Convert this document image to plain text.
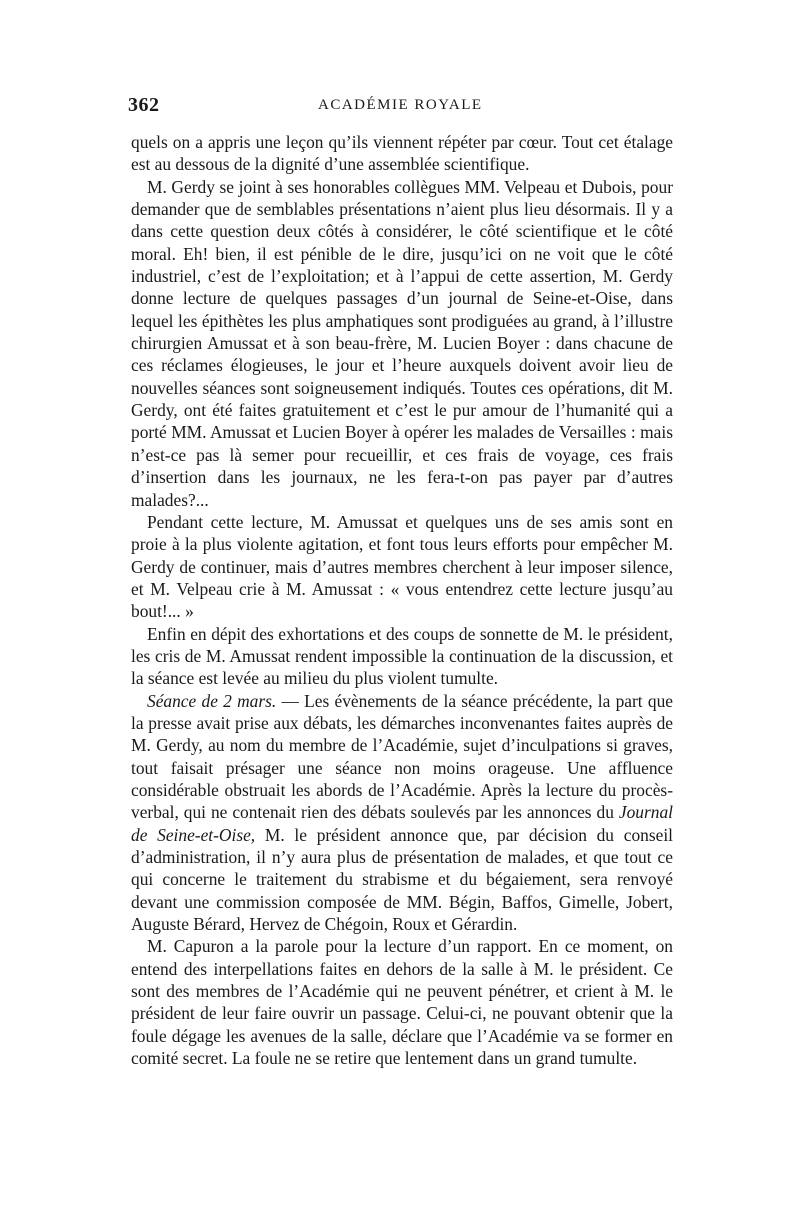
362	ACADÉMIE ROYALE

quels on a appris une leçon qu’ils viennent répéter par cœur. Tout cet étalage est au dessous de la dignité d’une assemblée scientifique.

M. Gerdy se joint à ses honorables collègues MM. Velpeau et Dubois, pour demander que de semblables présentations n’aient plus lieu désormais. Il y a dans cette question deux côtés à considérer, le côté scientifique et le côté moral. Eh! bien, il est pénible de le dire, jusqu’ici on ne voit que le côté industriel, c’est de l’exploitation; et à l’appui de cette assertion, M. Gerdy donne lecture de quelques passages d’un journal de Seine-et-Oise, dans lequel les épithètes les plus amphatiques sont prodiguées au grand, à l’illustre chirurgien Amussat et à son beau-frère, M. Lucien Boyer : dans chacune de ces réclames élogieuses, le jour et l’heure auxquels doivent avoir lieu de nouvelles séances sont soigneusement indiqués. Toutes ces opérations, dit M. Gerdy, ont été faites gratuitement et c’est le pur amour de l’humanité qui a porté MM. Amussat et Lucien Boyer à opérer les malades de Versailles : mais n’est-ce pas là semer pour recueillir, et ces frais de voyage, ces frais d’insertion dans les journaux, ne les fera-t-on pas payer par d’autres malades?...

Pendant cette lecture, M. Amussat et quelques uns de ses amis sont en proie à la plus violente agitation, et font tous leurs efforts pour empêcher M. Gerdy de continuer, mais d’autres membres cherchent à leur imposer silence, et M. Velpeau crie à M. Amussat : « vous entendrez cette lecture jusqu’au bout!... »

Enfin en dépit des exhortations et des coups de sonnette de M. le président, les cris de M. Amussat rendent impossible la continuation de la discussion, et la séance est levée au milieu du plus violent tumulte.

Séance de 2 mars. — Les évènements de la séance précédente, la part que la presse avait prise aux débats, les démarches inconvenantes faites auprès de M. Gerdy, au nom du membre de l’Académie, sujet d’inculpations si graves, tout faisait présager une séance non moins orageuse. Une affluence considérable obstruait les abords de l’Académie. Après la lecture du procès-verbal, qui ne contenait rien des débats soulevés par les annonces du Journal de Seine-et-Oise, M. le président annonce que, par décision du conseil d’administration, il n’y aura plus de présentation de malades, et que tout ce qui concerne le traitement du strabisme et du bégaiement, sera renvoyé devant une commission composée de MM. Bégin, Baffos, Gimelle, Jobert, Auguste Bérard, Hervez de Chégoin, Roux et Gérardin.

M. Capuron a la parole pour la lecture d’un rapport. En ce moment, on entend des interpellations faites en dehors de la salle à M. le président. Ce sont des membres de l’Académie qui ne peuvent pénétrer, et crient à M. le président de leur faire ouvrir un passage. Celui-ci, ne pouvant obtenir que la foule dégage les avenues de la salle, déclare que l’Académie va se former en comité secret. La foule ne se retire que lentement dans un grand tumulte.
